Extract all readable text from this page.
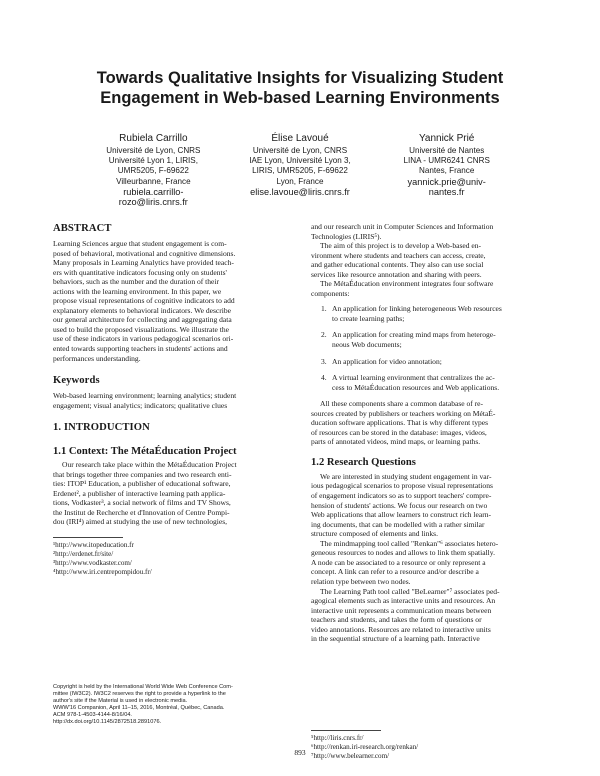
Towards Qualitative Insights for Visualizing Student
Engagement in Web-based Learning Environments
Rubiela Carrillo
Université de Lyon, CNRS
Université Lyon 1, LIRIS,
UMR5205, F-69622
Villeurbanne, France
rubiela.carrillo-
rozo@liris.cnrs.fr
Élise Lavoué
Université de Lyon, CNRS
IAE Lyon, Université Lyon 3,
LIRIS, UMR5205, F-69622
Lyon, France
elise.lavoue@liris.cnrs.fr
Yannick Prié
Université de Nantes
LINA - UMR6241 CNRS
Nantes, France
yannick.prie@univ-
nantes.fr
ABSTRACT

Learning Sciences argue that student engagement is com-
posed of behavioral, motivational and cognitive dimensions.
Many proposals in Learning Analytics have provided teach-
ers with quantitative indicators focusing only on students'
behaviors, such as the number and the duration of their
actions with the learning environment. In this paper, we
propose visual representations of cognitive indicators to add
explanatory elements to behavioral indicators. We describe
our general architecture for collecting and aggregating data
used to build the proposed visualizations. We illustrate the
use of these indicators in various pedagogical scenarios ori-
ented towards supporting teachers in students' actions and
performances understanding.

Keywords

Web-based learning environment; learning analytics; student
engagement; visual analytics; indicators; qualitative clues

1. INTRODUCTION
1.1 Context: The MétaÉducation Project

Our research take place within the MétaÉducation Project
that brings together three companies and two research enti-
ties: ITOP¹ Education, a publisher of educational software,
Erdenet², a publisher of interactive learning path applica-
tions, Vodkaster³, a social network of films and TV Shows,
the Institut de Recherche et d'Innovation of Centre Pompi-
dou (IRI⁴) aimed at studying the use of new technologies,

¹http://www.itopeducation.fr
²http://erdenet.fr/site/
³http://www.vodkaster.com/
⁴http://www.iri.centrepompidou.fr/

Copyright is held by the International World Wide Web Conference Com-
mittee (IW3C2). IW3C2 reserves the right to provide a hyperlink to the
author's site if the Material is used in electronic media.
WWW'16 Companion, April 11–15, 2016, Montréal, Québec, Canada.
ACM 978-1-4503-4144-8/16/04.
http://dx.doi.org/10.1145/2872518.2891076.

and our research unit in Computer Sciences and Information
Technologies (LIRIS⁵).
The aim of this project is to develop a Web-based en-
vironment where students and teachers can access, create,
and gather educational contents. They also can use social
services like resource annotation and sharing with peers.
The MétaÉducation environment integrates four software
components:

1. An application for linking heterogeneous Web resources
to create learning paths;
2. An application for creating mind maps from heteroge-
neous Web documents;
3. An application for video annotation;
4. A virtual learning environment that centralizes the ac-
cess to MétaÉducation resources and Web applications.

All these components share a common database of re-
sources created by publishers or teachers working on MétaÉ-
ducation software applications. That is why different types
of resources can be stored in the database: images, videos,
parts of annotated videos, mind maps, or learning paths.

1.2 Research Questions

We are interested in studying student engagement in var-
ious pedagogical scenarios to propose visual representations
of engagement indicators so as to support teachers' compre-
hension of students' actions. We focus our research on two
Web applications that allow learners to construct rich learn-
ing documents, that can be modelled with a rather similar
structure composed of elements and links.
The mindmapping tool called "Renkan"⁶ associates hetero-
geneous resources to nodes and allows to link them spatially.
A node can be associated to a resource or only represent a
concept. A link can refer to a resource and/or describe a
relation type between two nodes.
The Learning Path tool called "BeLearner"⁷ associates ped-
agogical elements such as interactive units and resources. An
interactive unit represents a communication means between
teachers and students, and takes the form of questions or
video annotations. Resources are related to interactive units
in the sequential structure of a learning path. Interactive

⁵http://liris.cnrs.fr/
⁶http://renkan.iri-research.org/renkan/
⁷http://www.belearner.com/

893
